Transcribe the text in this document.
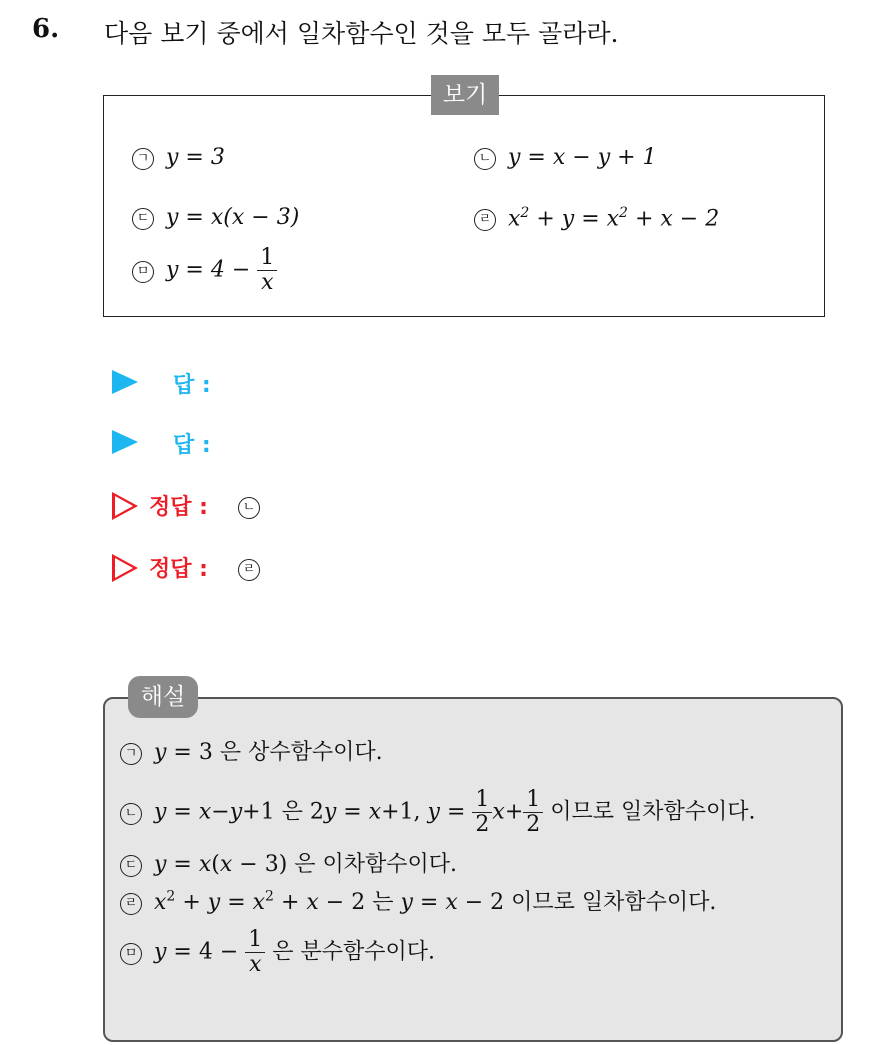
6. 다음 보기 중에서 일차함수인 것을 모두 골라라.
보기
ㄱ y = 3	ㄴ y = x − y + 1
ㄷ y = x(x − 3)	ㄹ $x^2 + y = x^2 + x - 2$
ㅁ $y = 4 - \frac{1}{x}$
답 :
답 :
정답 :	ㄴ
정답 :	ㄹ
해설
ㄱ y = 3 은 상수함수이다.
ㄴ y = x−y+1 은 2y = x+1, $y = \frac{1}{2} x+ \frac{1}{2}$ 이므로 일차함수이다.
ㄷ y = x(x − 3) 은 이차함수이다.
ㄹ $x^2 + y = x^2 + x - 2$ 는 y = x − 2 이므로 일차함수이다.
ㅁ $y = 4 - \frac{1}{x}$ 은 분수함수이다.
